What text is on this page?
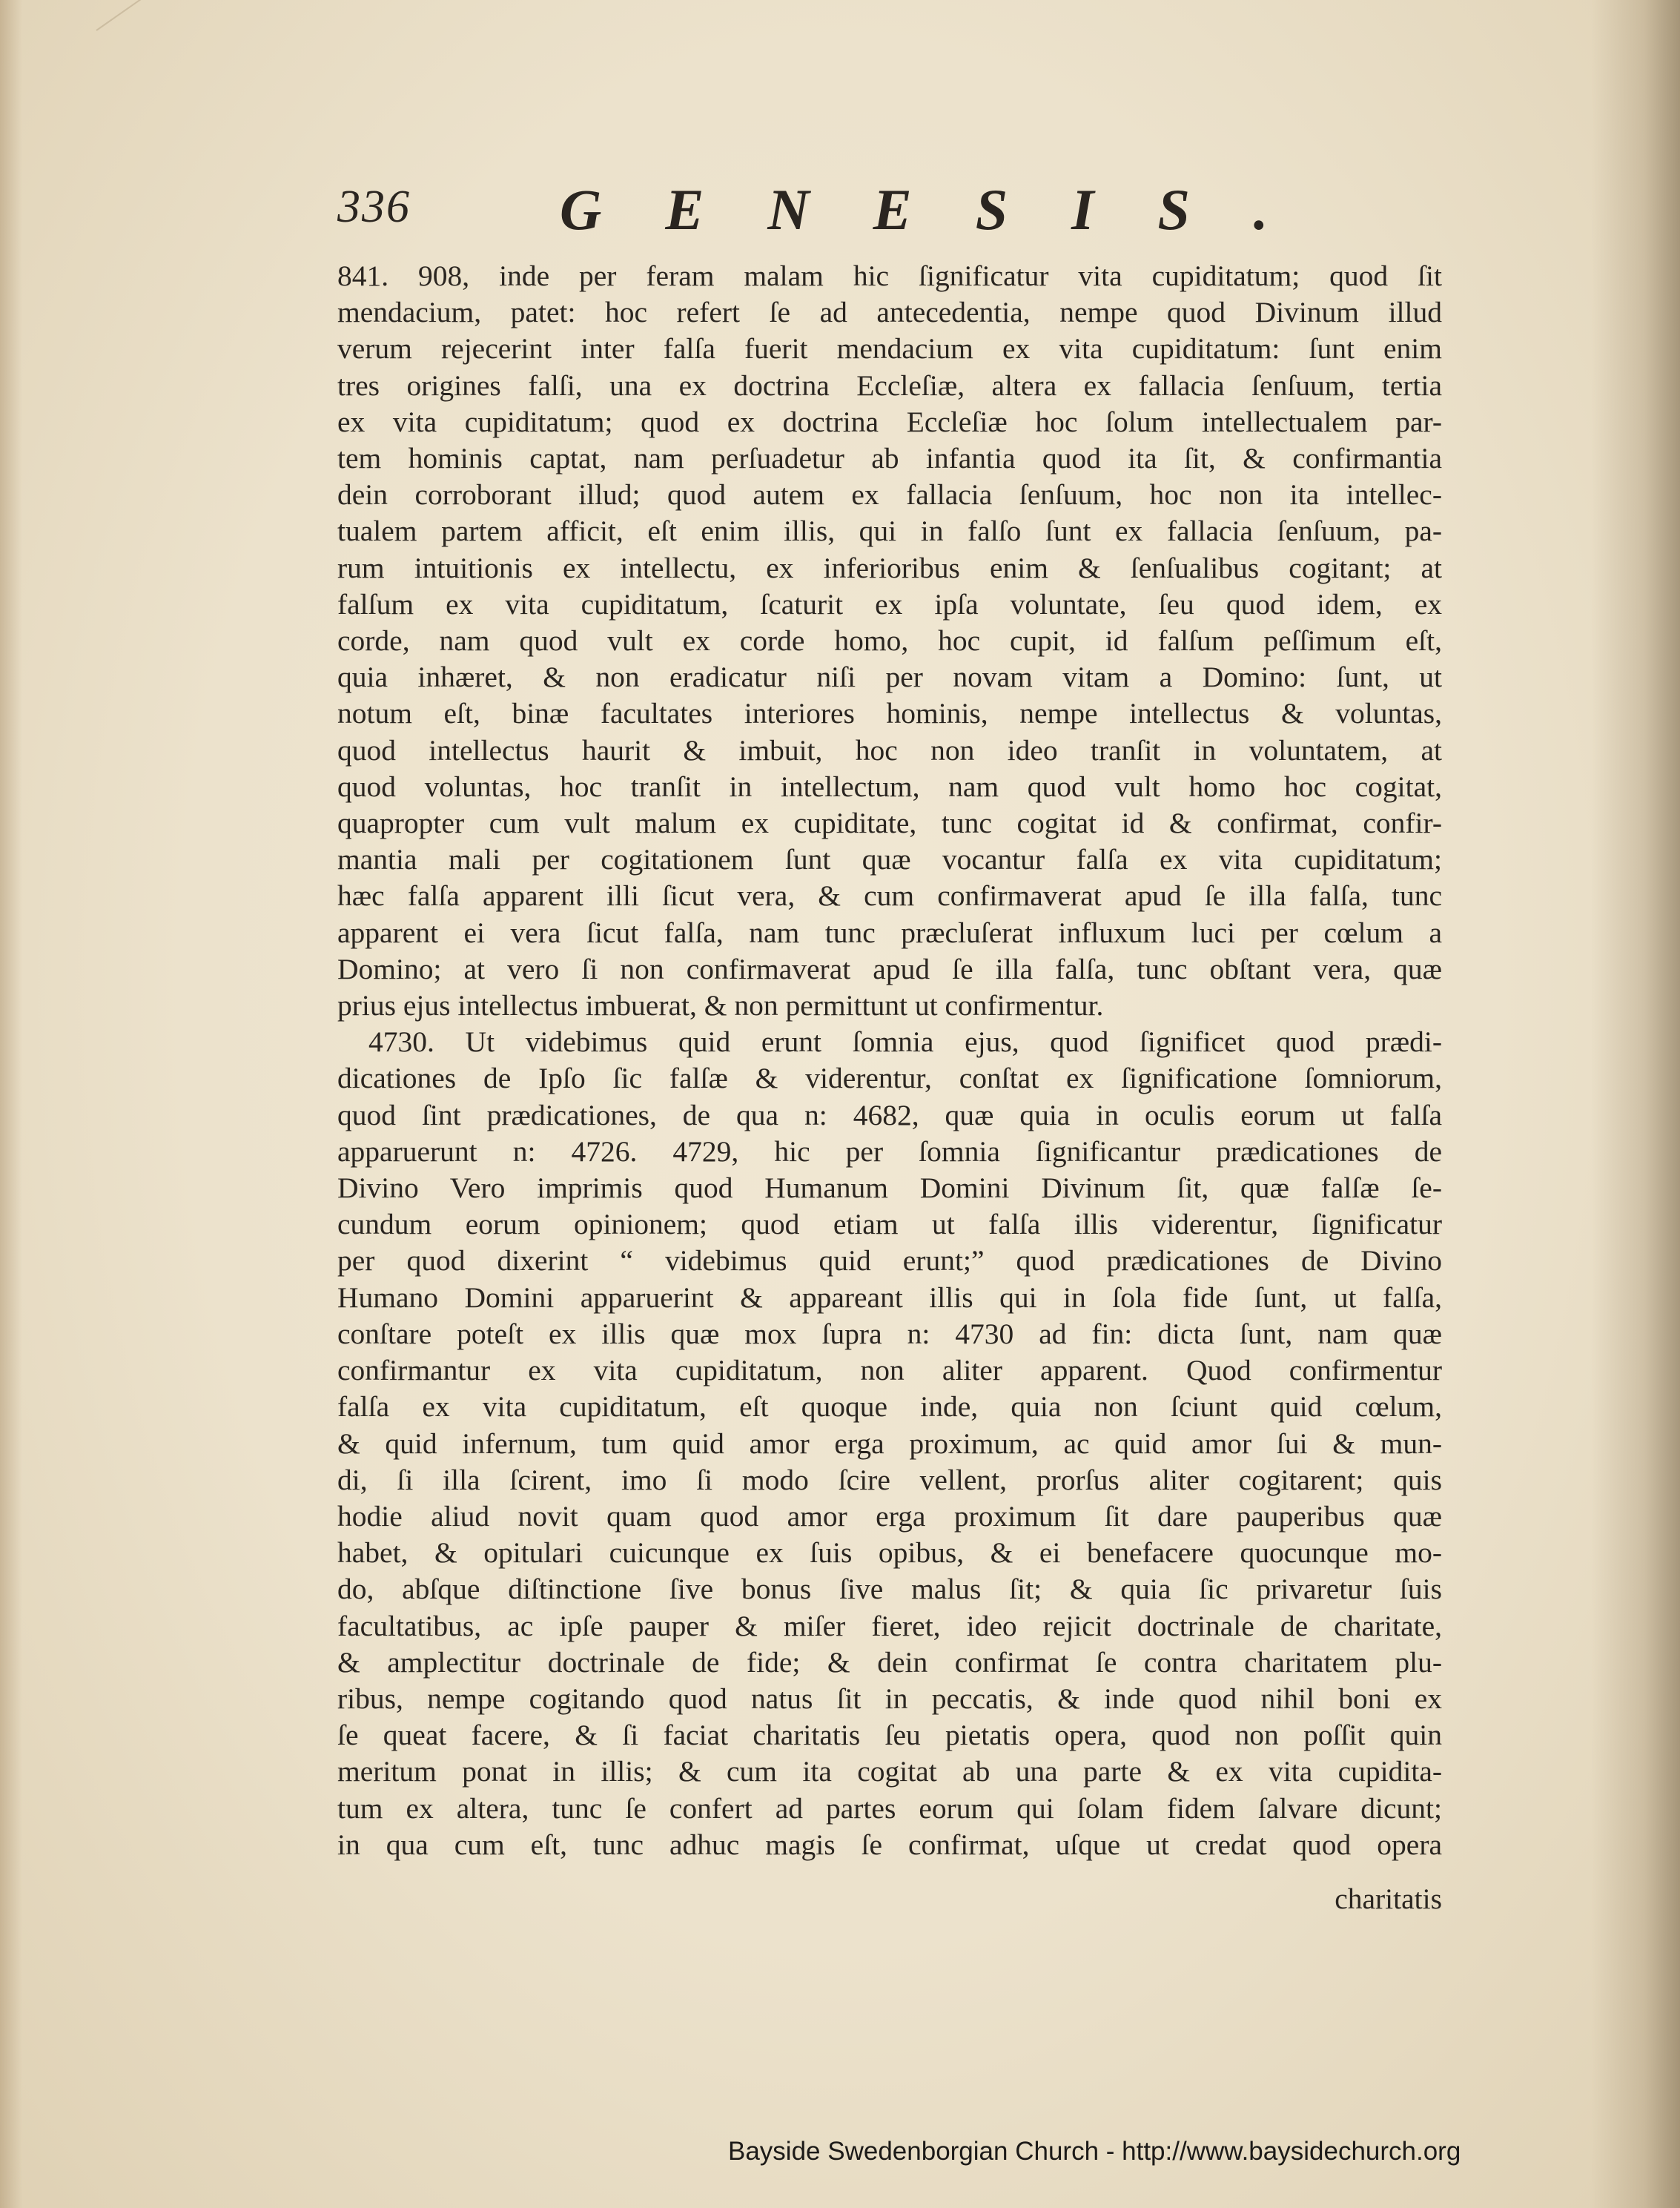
336	GENESIS.
841. 908, inde per feram malam hic ſignificatur vita cupiditatum; quod ſit
mendacium, patet: hoc refert ſe ad antecedentia, nempe quod Divinum illud
verum rejecerint inter falſa fuerit mendacium ex vita cupiditatum: ſunt enim
tres origines falſi, una ex doctrina Eccleſiæ, altera ex fallacia ſenſuum, tertia
ex vita cupiditatum; quod ex doctrina Eccleſiæ hoc ſolum intellectualem par-
tem hominis captat, nam perſuadetur ab infantia quod ita ſit, & confirmantia
dein corroborant illud; quod autem ex fallacia ſenſuum, hoc non ita intellec-
tualem partem afficit, eſt enim illis, qui in falſo ſunt ex fallacia ſenſuum, pa-
rum intuitionis ex intellectu, ex inferioribus enim & ſenſualibus cogitant; at
falſum ex vita cupiditatum, ſcaturit ex ipſa voluntate, ſeu quod idem, ex
corde, nam quod vult ex corde homo, hoc cupit, id falſum peſſimum eſt,
quia inhæret, & non eradicatur niſi per novam vitam a Domino: ſunt, ut
notum eſt, binæ facultates interiores hominis, nempe intellectus & voluntas,
quod intellectus haurit & imbuit, hoc non ideo tranſit in voluntatem, at
quod voluntas, hoc tranſit in intellectum, nam quod vult homo hoc cogitat,
quapropter cum vult malum ex cupiditate, tunc cogitat id & confirmat, confir-
mantia mali per cogitationem ſunt quæ vocantur falſa ex vita cupiditatum;
hæc falſa apparent illi ſicut vera, & cum confirmaverat apud ſe illa falſa, tunc
apparent ei vera ſicut falſa, nam tunc præcluſerat influxum luci per cœlum a
Domino; at vero ſi non confirmaverat apud ſe illa falſa, tunc obſtant vera, quæ
prius ejus intellectus imbuerat, & non permittunt ut confirmentur.
4730. Ut videbimus quid erunt ſomnia ejus, quod ſignificet quod prædi-
dicationes de Ipſo ſic falſæ & viderentur, conſtat ex ſignificatione ſomniorum,
quod ſint prædicationes, de qua n: 4682, quæ quia in oculis eorum ut falſa
apparuerunt n: 4726. 4729, hic per ſomnia ſignificantur prædicationes de
Divino Vero imprimis quod Humanum Domini Divinum ſit, quæ falſæ ſe-
cundum eorum opinionem; quod etiam ut falſa illis viderentur, ſignificatur
per quod dixerint “ videbimus quid erunt;” quod prædicationes de Divino
Humano Domini apparuerint & appareant illis qui in ſola fide ſunt, ut falſa,
conſtare poteſt ex illis quæ mox ſupra n: 4730 ad fin: dicta ſunt, nam quæ
confirmantur ex vita cupiditatum, non aliter apparent. Quod confirmentur
falſa ex vita cupiditatum, eſt quoque inde, quia non ſciunt quid cœlum,
& quid infernum, tum quid amor erga proximum, ac quid amor ſui & mun-
di, ſi illa ſcirent, imo ſi modo ſcire vellent, prorſus aliter cogitarent; quis
hodie aliud novit quam quod amor erga proximum ſit dare pauperibus quæ
habet, & opitulari cuicunque ex ſuis opibus, & ei benefacere quocunque mo-
do, abſque diſtinctione ſive bonus ſive malus ſit; & quia ſic privaretur ſuis
facultatibus, ac ipſe pauper & miſer fieret, ideo rejicit doctrinale de charitate,
& amplectitur doctrinale de fide; & dein confirmat ſe contra charitatem plu-
ribus, nempe cogitando quod natus ſit in peccatis, & inde quod nihil boni ex
ſe queat facere, & ſi faciat charitatis ſeu pietatis opera, quod non poſſit quin
meritum ponat in illis; & cum ita cogitat ab una parte & ex vita cupidita-
tum ex altera, tunc ſe confert ad partes eorum qui ſolam fidem ſalvare dicunt;
in qua cum eſt, tunc adhuc magis ſe confirmat, uſque ut credat quod opera
charitatis
Bayside Swedenborgian Church - http://www.baysidechurch.org
